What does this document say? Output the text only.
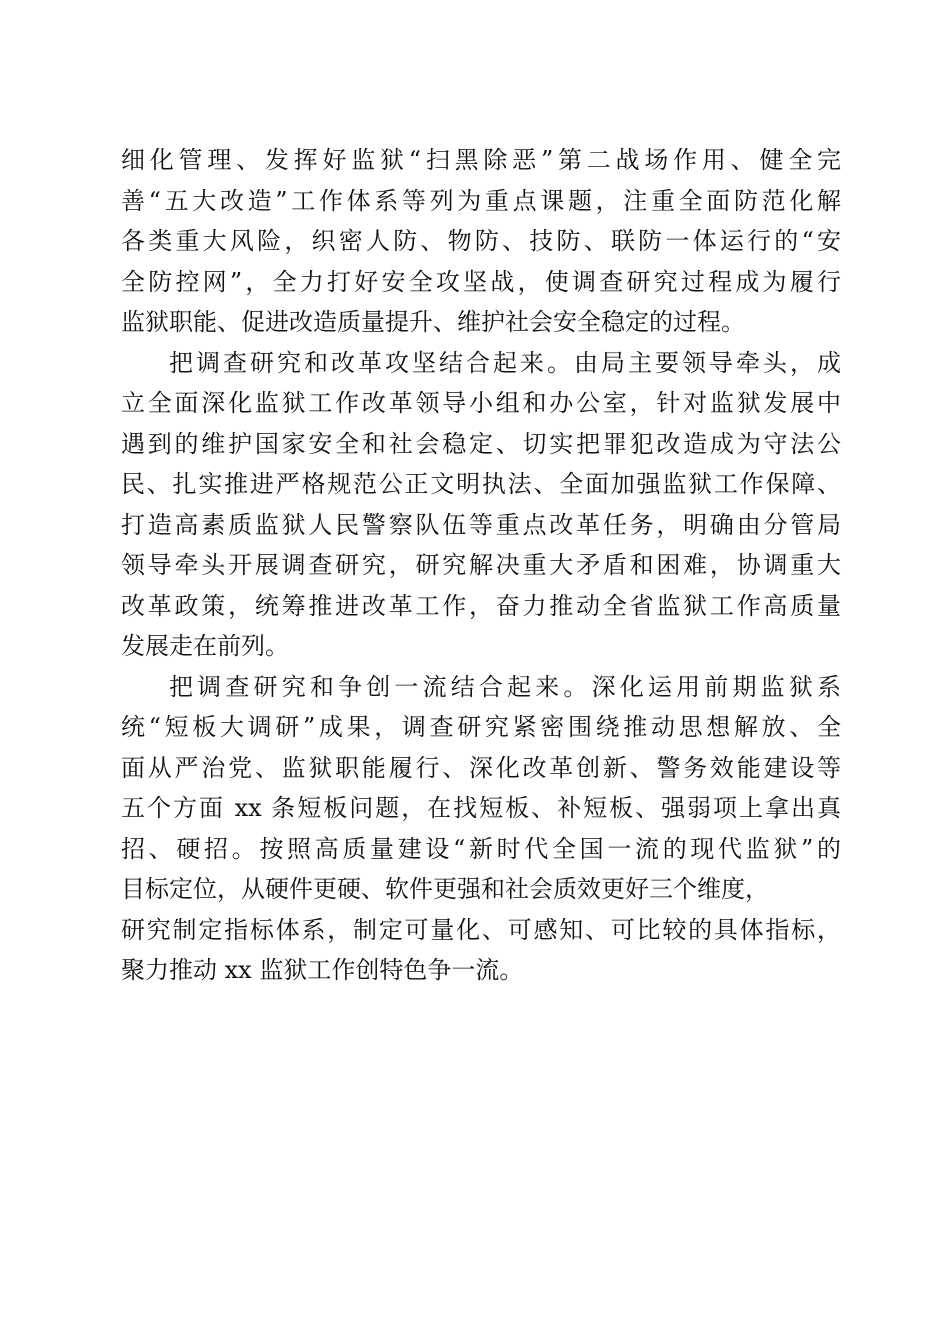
细化管理、发挥好监狱“扫黑除恶”第二战场作用、健全完
善“五大改造”工作体系等列为重点课题，注重全面防范化解
各类重大风险，织密人防、物防、技防、联防一体运行的“安
全防控网”，全力打好安全攻坚战，使调查研究过程成为履行
监狱职能、促进改造质量提升、维护社会安全稳定的过程。
把调查研究和改革攻坚结合起来。由局主要领导牵头，成
立全面深化监狱工作改革领导小组和办公室，针对监狱发展中
遇到的维护国家安全和社会稳定、切实把罪犯改造成为守法公
民、扎实推进严格规范公正文明执法、全面加强监狱工作保障、
打造高素质监狱人民警察队伍等重点改革任务，明确由分管局
领导牵头开展调查研究，研究解决重大矛盾和困难，协调重大
改革政策，统筹推进改革工作，奋力推动全省监狱工作高质量
发展走在前列。
把调查研究和争创一流结合起来。深化运用前期监狱系
统“短板大调研”成果，调查研究紧密围绕推动思想解放、全
面从严治党、监狱职能履行、深化改革创新、警务效能建设等
五个方面 xx 条短板问题，在找短板、补短板、强弱项上拿出真
招、硬招。按照高质量建设“新时代全国一流的现代监狱”的
目标定位，从硬件更硬、软件更强和社会质效更好三个维度，
研究制定指标体系，制定可量化、可感知、可比较的具体指标，
聚力推动 xx 监狱工作创特色争一流。
